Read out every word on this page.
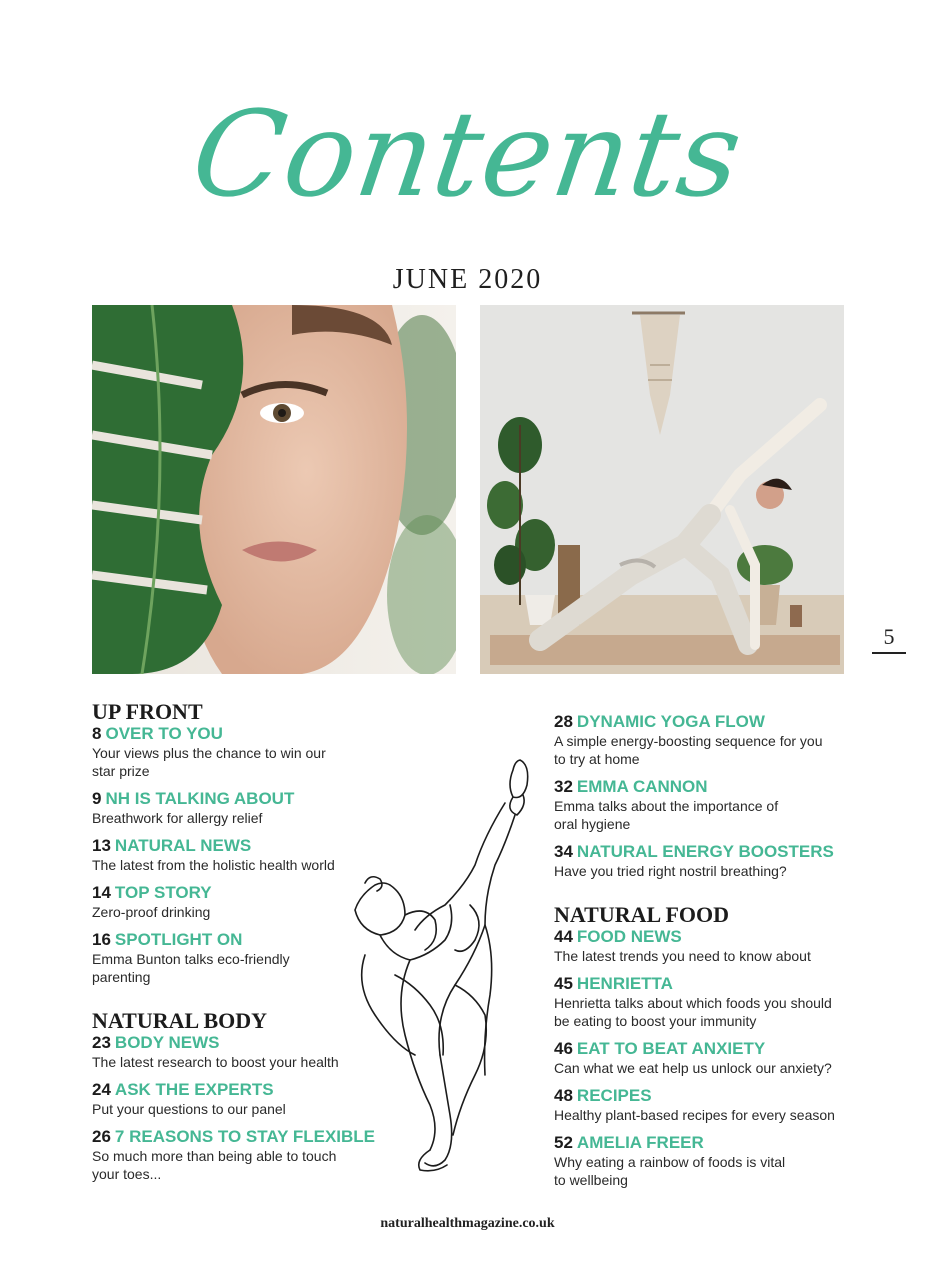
Contents
JUNE 2020
5
UP FRONT
8 OVER TO YOU
Your views plus the chance to win our
star prize
9 NH IS TALKING ABOUT
Breathwork for allergy relief
13 NATURAL NEWS
The latest from the holistic health world
14 TOP STORY
Zero-proof drinking
16 SPOTLIGHT ON
Emma Bunton talks eco-friendly
parenting
NATURAL BODY
23 BODY NEWS
The latest research to boost your health
24 ASK THE EXPERTS
Put your questions to our panel
26 7 REASONS TO STAY FLEXIBLE
So much more than being able to touch
your toes...
28 DYNAMIC YOGA FLOW
A simple energy-boosting sequence for you
to try at home
32 EMMA CANNON
Emma talks about the importance of
oral hygiene
34 NATURAL ENERGY BOOSTERS
Have you tried right nostril breathing?
NATURAL FOOD
44 FOOD NEWS
The latest trends you need to know about
45 HENRIETTA
Henrietta talks about which foods you should
be eating to boost your immunity
46 EAT TO BEAT ANXIETY
Can what we eat help us unlock our anxiety?
48 RECIPES
Healthy plant-based recipes for every season
52 AMELIA FREER
Why eating a rainbow of foods is vital
to wellbeing
naturalhealthmagazine.co.uk
